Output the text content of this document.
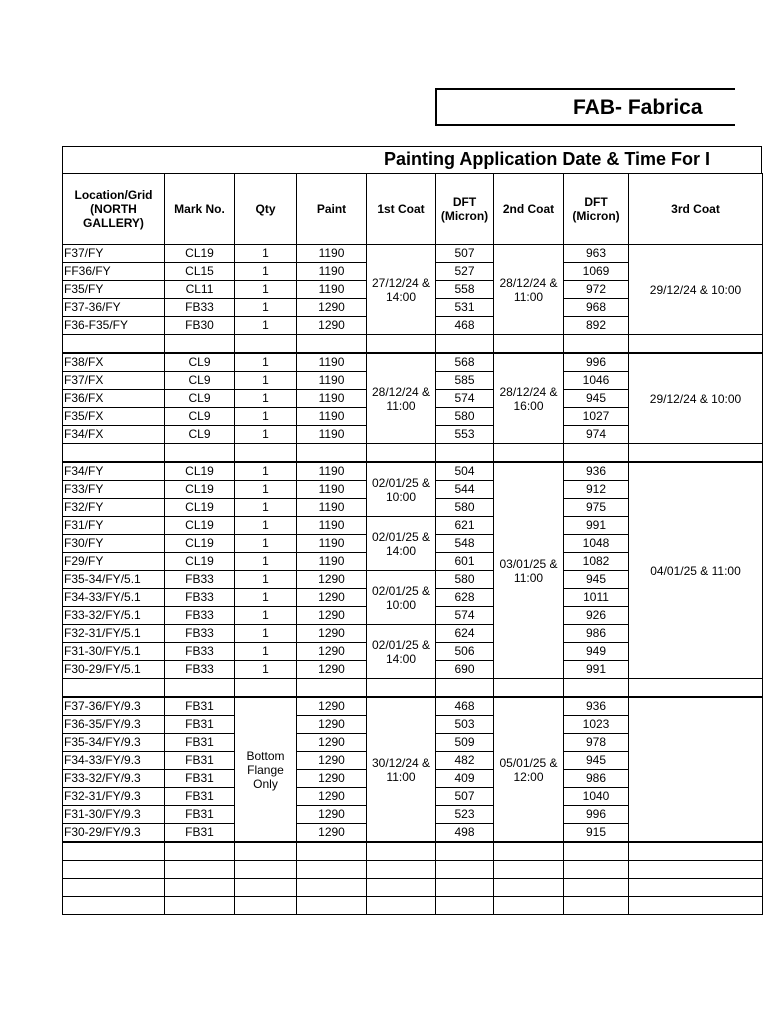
FAB- Fabrica
Painting Application Date & Time For I
Location/Grid (NORTH GALLERY)	Mark No.	Qty	Paint	1st Coat	DFT (Micron)	2nd Coat	DFT (Micron)	3rd Coat
F37/FY	CL19	1	1190	27/12/24 & 14:00	507	28/12/24 & 11:00	963	29/12/24 & 10:00
FF36/FY	CL15	1	1190		527		1069	
F35/FY	CL11	1	1190		558		972	
F37-36/FY	FB33	1	1290		531		968	
F36-F35/FY	FB30	1	1290		468		892	

F38/FX	CL9	1	1190	28/12/24 & 11:00	568	28/12/24 & 16:00	996	29/12/24 & 10:00
F37/FX	CL9	1	1190		585		1046	
F36/FX	CL9	1	1190		574		945	
F35/FX	CL9	1	1190		580		1027	
F34/FX	CL9	1	1190		553		974	

F34/FY	CL19	1	1190	02/01/25 & 10:00	504	03/01/25 & 11:00	936	04/01/25 & 11:00
F33/FY	CL19	1	1190		544		912	
F32/FY	CL19	1	1190		580		975	
F31/FY	CL19	1	1190	02/01/25 & 14:00	621		991	
F30/FY	CL19	1	1190		548		1048	
F29/FY	CL19	1	1190		601		1082	
F35-34/FY/5.1	FB33	1	1290	02/01/25 & 10:00	580		945	
F34-33/FY/5.1	FB33	1	1290		628		1011	
F33-32/FY/5.1	FB33	1	1290		574		926	
F32-31/FY/5.1	FB33	1	1290	02/01/25 & 14:00	624		986	
F31-30/FY/5.1	FB33	1	1290		506		949	
F30-29/FY/5.1	FB33	1	1290		690		991	

F37-36/FY/9.3	FB31	Bottom Flange Only	1290	30/12/24 & 11:00	468	05/01/25 & 12:00	936	
F36-35/FY/9.3	FB31		1290		503		1023	
F35-34/FY/9.3	FB31		1290		509		978	
F34-33/FY/9.3	FB31		1290		482		945	
F33-32/FY/9.3	FB31		1290		409		986	
F32-31/FY/9.3	FB31		1290		507		1040	
F31-30/FY/9.3	FB31		1290		523		996	
F30-29/FY/9.3	FB31		1290		498		915	
